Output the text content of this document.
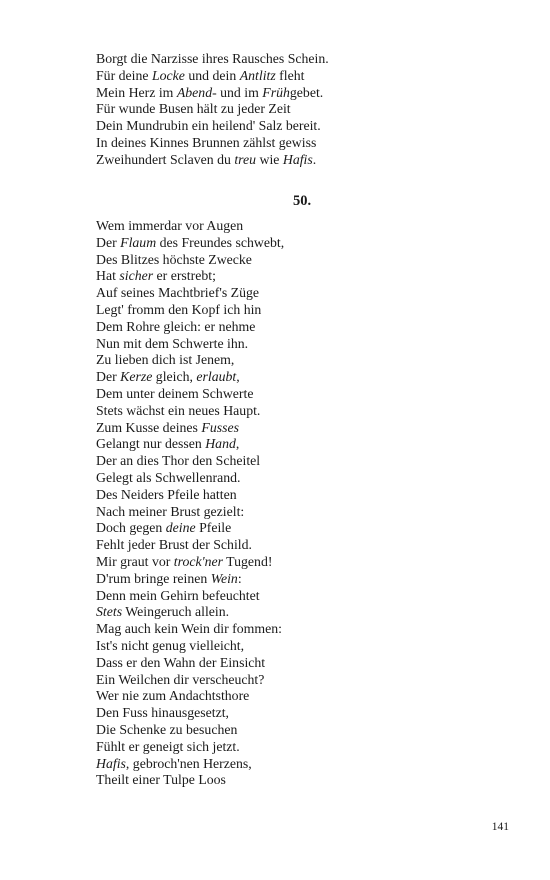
Borgt die Narzisse ihres Rausches Schein.
Für deine Locke und dein Antlitz fleht
Mein Herz im Abend- und im Frühgebet.
Für wunde Busen hält zu jeder Zeit
Dein Mundrubin ein heilend' Salz bereit.
In deines Kinnes Brunnen zählst gewiss
Zweihundert Sclaven du treu wie Hafis.
50.
Wem immerdar vor Augen
Der Flaum des Freundes schwebt,
Des Blitzes höchste Zwecke
Hat sicher er erstrebt;
Auf seines Machtbrief's Züge
Legt' fromm den Kopf ich hin
Dem Rohre gleich: er nehme
Nun mit dem Schwerte ihn.
Zu lieben dich ist Jenem,
Der Kerze gleich, erlaubt,
Dem unter deinem Schwerte
Stets wächst ein neues Haupt.
Zum Kusse deines Fusses
Gelangt nur dessen Hand,
Der an dies Thor den Scheitel
Gelegt als Schwellenrand.
Des Neiders Pfeile hatten
Nach meiner Brust gezielt:
Doch gegen deine Pfeile
Fehlt jeder Brust der Schild.
Mir graut vor trock'ner Tugend!
D'rum bringe reinen Wein:
Denn mein Gehirn befeuchtet
Stets Weingeruch allein.
Mag auch kein Wein dir fommen:
Ist's nicht genug vielleicht,
Dass er den Wahn der Einsicht
Ein Weilchen dir verscheucht?
Wer nie zum Andachtsthore
Den Fuss hinausgesetzt,
Die Schenke zu besuchen
Fühlt er geneigt sich jetzt.
Hafis, gebroch'nen Herzens,
Theilt einer Tulpe Loos
141
